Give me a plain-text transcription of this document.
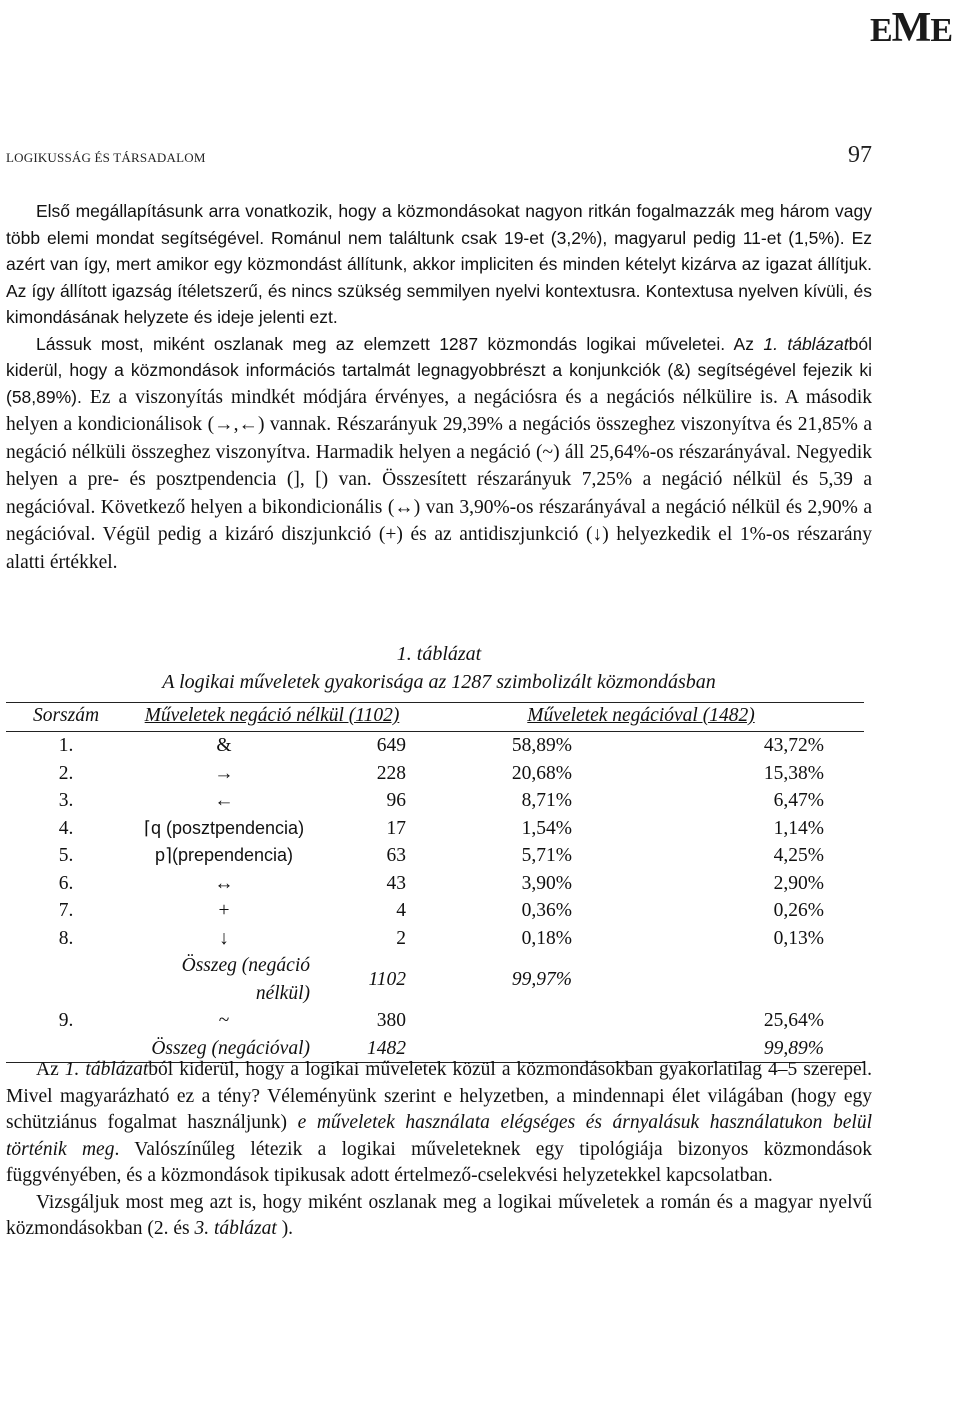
EME
LOGIKUSSÁG ÉS TÁRSADALOM	97

Első megállapításunk arra vonatkozik, hogy a közmondásokat nagyon ritkán fogalmazzák meg három vagy több elemi mondat segítségével. Románul nem találtunk csak 19-et (3,2%), magyarul pedig 11-et (1,5%). Ez azért van így, mert amikor egy közmondást állítunk, akkor impliciten és minden kételyt kizárva az igazat állítjuk. Az így állított igazság ítéletszerű, és nincs szükség semmilyen nyelvi kontextusra. Kontextusa nyelven kívüli, és kimondásának helyzete és ideje jelenti ezt.

Lássuk most, miként oszlanak meg az elemzett 1287 közmondás logikai műveletei. Az 1. táblázatból kiderül, hogy a közmondások információs tartalmát legnagyobbrészt a konjunkciók (&) segítségével fejezik ki (58,89%). Ez a viszonyítás mindkét módjára érvényes, a negációsra és a negációs nélkülire is. A második helyen a kondicionálisok (→,←) vannak. Részarányuk 29,39% a negációs összeghez viszonyítva és 21,85% a negáció nélküli összeghez viszonyítva. Harmadik helyen a negáció (~) áll 25,64%-os részarányával. Negyedik helyen a pre- és posztpendencia (], [) van. Összesített részarányuk 7,25% a negáció nélkül és 5,39 a negációval. Következő helyen a bikondicionális (↔) van 3,90%-os részarányával a negáció nélkül és 2,90% a negációval. Végül pedig a kizáró diszjunkció (+) és az antidiszjunkció (↓) helyezkedik el 1%-os részarány alatti értékkel.

1. táblázat
A logikai műveletek gyakorisága az 1287 szimbolizált közmondásban
Sorszám	Műveletek negáció nélkül (1102)		Műveletek negációval (1482)	
1.	&	649	58,89%	43,72%
2.	→	228	20,68%	15,38%
3.	←	96	8,71%	6,47%
4.	⌈q (posztpendencia)	17	1,54%	1,14%
5.	p⌉(prependencia)	63	5,71%	4,25%
6.	↔	43	3,90%	2,90%
7.	+	4	0,36%	0,26%
8.	↓	2	0,18%	0,13%
	Összeg (negáció nélkül)	1102	99,97%	
9.	~	380		25,64%
	Összeg (negációval)	1482		99,89%

Az 1. táblázatból kiderül, hogy a logikai műveletek közül a közmondásokban gyakorlatilag 4–5 szerepel. Mivel magyarázható ez a tény? Véleményünk szerint e helyzetben, a mindennapi élet világában (hogy egy schütziánus fogalmat használjunk) e műveletek használata elégséges és árnyalásuk használatukon belül történik meg. Valószínűleg létezik a logikai műveleteknek egy tipológiája bizonyos közmondások függvényében, és a közmondások tipikusak adott értelmező-cselekvési helyzetekkel kapcsolatban.

Vizsgáljuk most meg azt is, hogy miként oszlanak meg a logikai műveletek a román és a magyar nyelvű közmondásokban (2. és 3. táblázat ).
